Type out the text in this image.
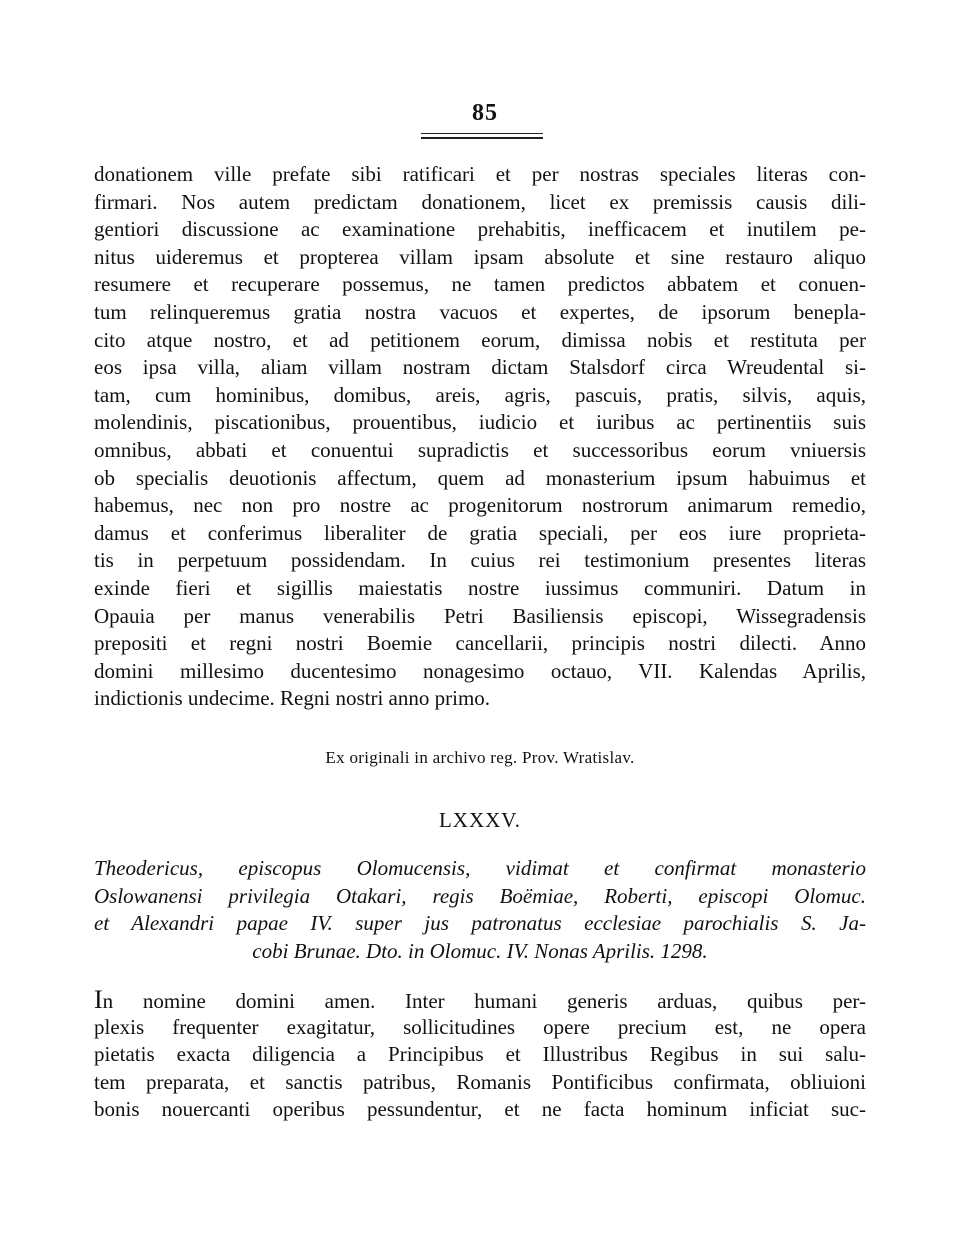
85
donationem ville prefate sibi ratificari et per nostras speciales literas con-
firmari. Nos autem predictam donationem, licet ex premissis causis dili-
gentiori discussione ac examinatione prehabitis, inefficacem et inutilem pe-
nitus uideremus et propterea villam ipsam absolute et sine restauro aliquo
resumere et recuperare possemus, ne tamen predictos abbatem et conuen-
tum relinqueremus gratia nostra vacuos et expertes, de ipsorum benepla-
cito atque nostro, et ad petitionem eorum, dimissa nobis et restituta per
eos ipsa villa, aliam villam nostram dictam Stalsdorf circa Wreudental si-
tam, cum hominibus, domibus, areis, agris, pascuis, pratis, silvis, aquis,
molendinis, piscationibus, prouentibus, iudicio et iuribus ac pertinentiis suis
omnibus, abbati et conuentui supradictis et successoribus eorum vniuersis
ob specialis deuotionis affectum, quem ad monasterium ipsum habuimus et
habemus, nec non pro nostre ac progenitorum nostrorum animarum remedio,
damus et conferimus liberaliter de gratia speciali, per eos iure proprieta-
tis in perpetuum possidendam. In cuius rei testimonium presentes literas
exinde fieri et sigillis maiestatis nostre iussimus communiri. Datum in
Opauia per manus venerabilis Petri Basiliensis episcopi, Wissegradensis
prepositi et regni nostri Boemie cancellarii, principis nostri dilecti. Anno
domini millesimo ducentesimo nonagesimo octauo, VII. Kalendas Aprilis,
indictionis undecime. Regni nostri anno primo.
Ex originali in archivo reg. Prov. Wratislav.
LXXXV.
Theodericus, episcopus Olomucensis, vidimat et confirmat monasterio
Oslowanensi privilegia Otakari, regis Boëmiae, Roberti, episcopi Olomuc.
et Alexandri papae IV. super jus patronatus ecclesiae parochialis S. Ja-
cobi Brunae. Dto. in Olomuc. IV. Nonas Aprilis. 1298.
In nomine domini amen. Inter humani generis arduas, quibus per-
plexis frequenter exagitatur, sollicitudines opere precium est, ne opera
pietatis exacta diligencia a Principibus et Illustribus Regibus in sui salu-
tem preparata, et sanctis patribus, Romanis Pontificibus confirmata, obliuioni
bonis nouercanti operibus pessundentur, et ne facta hominum inficiat suc-
